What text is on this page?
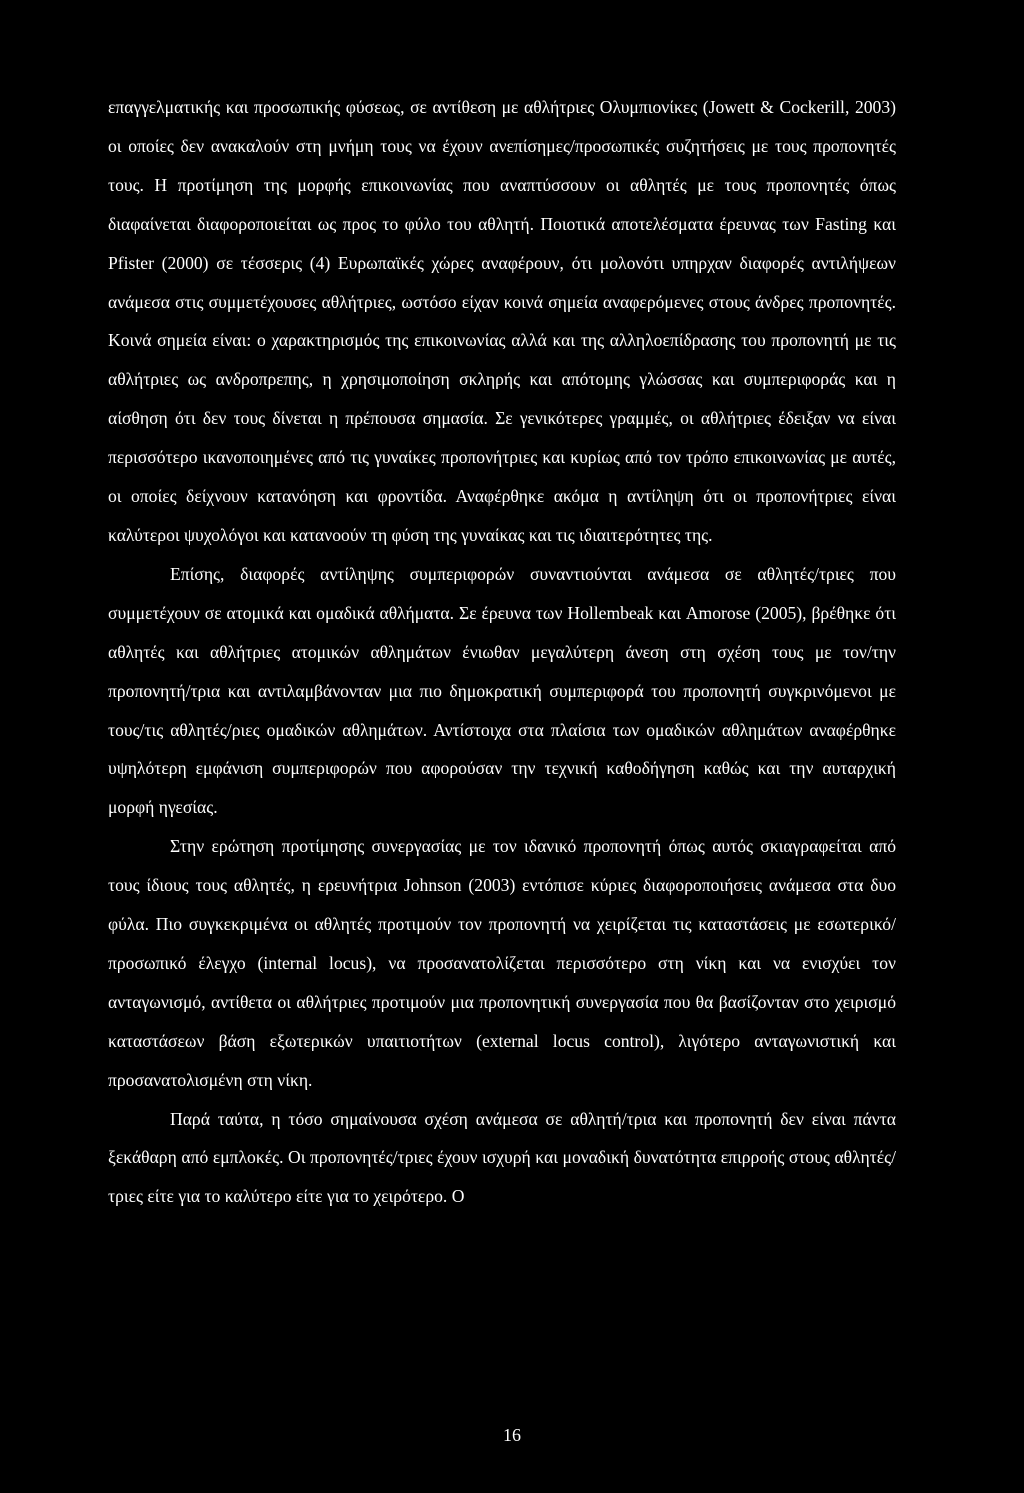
επαγγελματικής και προσωπικής φύσεως, σε αντίθεση με αθλήτριες Ολυμπιονίκες (Jowett & Cockerill, 2003) οι οποίες δεν ανακαλούν στη μνήμη τους να έχουν ανεπίσημες/προσωπικές συζητήσεις με τους προπονητές τους. Η προτίμηση της μορφής επικοινωνίας που αναπτύσσουν οι αθλητές με τους προπονητές όπως διαφαίνεται διαφοροποιείται ως προς το φύλο του αθλητή. Ποιοτικά αποτελέσματα έρευνας των Fasting και Pfister (2000) σε τέσσερις (4) Ευρωπαϊκές χώρες αναφέρουν, ότι μολονότι υπηρχαν διαφορές αντιλήψεων ανάμεσα στις συμμετέχουσες αθλήτριες, ωστόσο είχαν κοινά σημεία αναφερόμενες στους άνδρες προπονητές. Κοινά σημεία είναι: ο χαρακτηρισμός της επικοινωνίας αλλά και της αλληλοεπίδρασης του προπονητή με τις αθλήτριες ως ανδροπρεπης, η χρησιμοποίηση σκληρής και απότομης γλώσσας και συμπεριφοράς και η αίσθηση ότι δεν τους δίνεται η πρέπουσα σημασία. Σε γενικότερες γραμμές, οι αθλήτριες έδειξαν να είναι περισσότερο ικανοποιημένες από τις γυναίκες προπονήτριες και κυρίως από τον τρόπο επικοινωνίας με αυτές, οι οποίες δείχνουν κατανόηση και φροντίδα. Αναφέρθηκε ακόμα η αντίληψη ότι οι προπονήτριες είναι καλύτεροι ψυχολόγοι και κατανοούν τη φύση της γυναίκας και τις ιδιαιτερότητες της.

Επίσης, διαφορές αντίληψης συμπεριφορών συναντιούνται ανάμεσα σε αθλητές/τριες που συμμετέχουν σε ατομικά και ομαδικά αθλήματα. Σε έρευνα των Hollembeak και Amorose (2005), βρέθηκε ότι αθλητές και αθλήτριες ατομικών αθλημάτων ένιωθαν μεγαλύτερη άνεση στη σχέση τους με τον/την προπονητή/τρια και αντιλαμβάνονταν μια πιο δημοκρατική συμπεριφορά του προπονητή συγκρινόμενοι με τους/τις αθλητές/ριες ομαδικών αθλημάτων. Αντίστοιχα στα πλαίσια των ομαδικών αθλημάτων αναφέρθηκε υψηλότερη εμφάνιση συμπεριφορών που αφορούσαν την τεχνική καθοδήγηση καθώς και την αυταρχική μορφή ηγεσίας.

Στην ερώτηση προτίμησης συνεργασίας με τον ιδανικό προπονητή όπως αυτός σκιαγραφείται από τους ίδιους τους αθλητές, η ερευνήτρια Johnson (2003) εντόπισε κύριες διαφοροποιήσεις ανάμεσα στα δυο φύλα. Πιο συγκεκριμένα οι αθλητές προτιμούν τον προπονητή να χειρίζεται τις καταστάσεις με εσωτερικό/προσωπικό έλεγχο (internal locus), να προσανατολίζεται περισσότερο στη νίκη και να ενισχύει τον ανταγωνισμό, αντίθετα οι αθλήτριες προτιμούν μια προπονητική συνεργασία που θα βασίζονταν στο χειρισμό καταστάσεων βάση εξωτερικών υπαιτιοτήτων (external locus control), λιγότερο ανταγωνιστική και προσανατολισμένη στη νίκη.

Παρά ταύτα, η τόσο σημαίνουσα σχέση ανάμεσα σε αθλητή/τρια και προπονητή δεν είναι πάντα ξεκάθαρη από εμπλοκές. Οι προπονητές/τριες έχουν ισχυρή και μοναδική δυνατότητα επιρροής στους αθλητές/τριες είτε για το καλύτερο είτε για το χειρότερο. Ο

16
